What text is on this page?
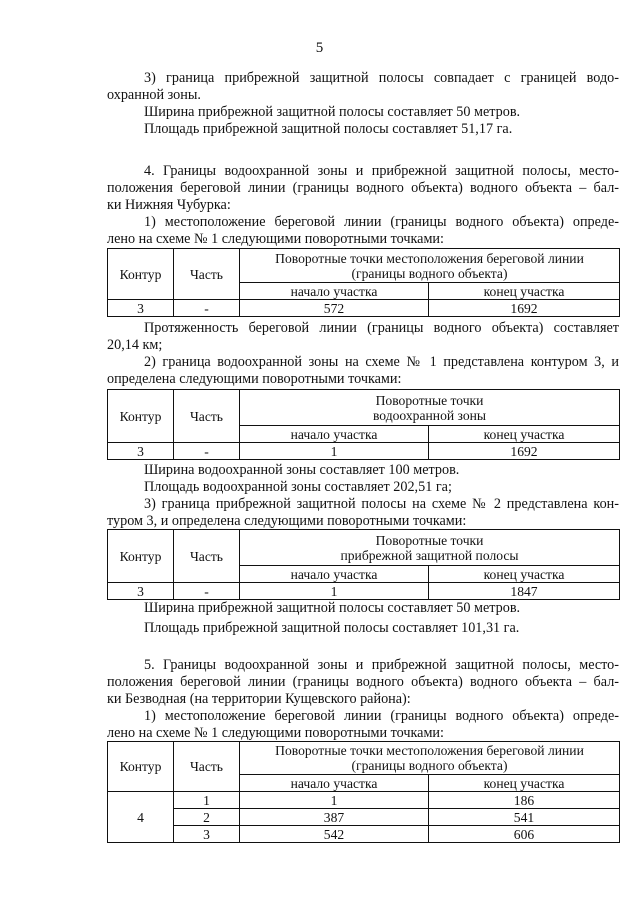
5
3) граница прибрежной защитной полосы совпадает с границей водо-
охранной зоны.
Ширина прибрежной защитной полосы составляет 50 метров.
Площадь прибрежной защитной полосы составляет 51,17 га.
4. Границы водоохранной зоны и прибрежной защитной полосы, место-
положения береговой линии (границы водного объекта) водного объекта – бал-
ки Нижняя Чубурка:
1) местоположение береговой линии (границы водного объекта) опреде-
лено на схеме № 1 следующими поворотными точками:
Контур	Часть	Поворотные точки местоположения береговой линии
(границы водного объекта)	

		начало участка	конец участка
3	-	572	1692
Протяженность береговой линии (границы водного объекта) составляет
20,14 км;
2) граница водоохранной зоны на схеме № 1 представлена контуром 3, и
определена следующими поворотными точками:
Контур	Часть	Поворотные точки
водоохранной зоны	

		начало участка	конец участка
3	-	1	1692
Ширина водоохранной зоны составляет 100 метров.
Площадь водоохранной зоны составляет 202,51 га;
3) граница прибрежной защитной полосы на схеме № 2 представлена кон-
туром 3, и определена следующими поворотными точками:
Контур	Часть	Поворотные точки
прибрежной защитной полосы	

		начало участка	конец участка
3	-	1	1847
Ширина прибрежной защитной полосы составляет 50 метров.
Площадь прибрежной защитной полосы составляет 101,31 га.
5. Границы водоохранной зоны и прибрежной защитной полосы, место-
положения береговой линии (границы водного объекта) водного объекта – бал-
ки Безводная (на территории Кущевского района):
1) местоположение береговой линии (границы водного объекта) опреде-
лено на схеме № 1 следующими поворотными точками:
Контур	Часть	Поворотные точки местоположения береговой линии
(границы водного объекта)	

		начало участка	конец участка
4	1	1	186
	2	387	541
	3	542	606
